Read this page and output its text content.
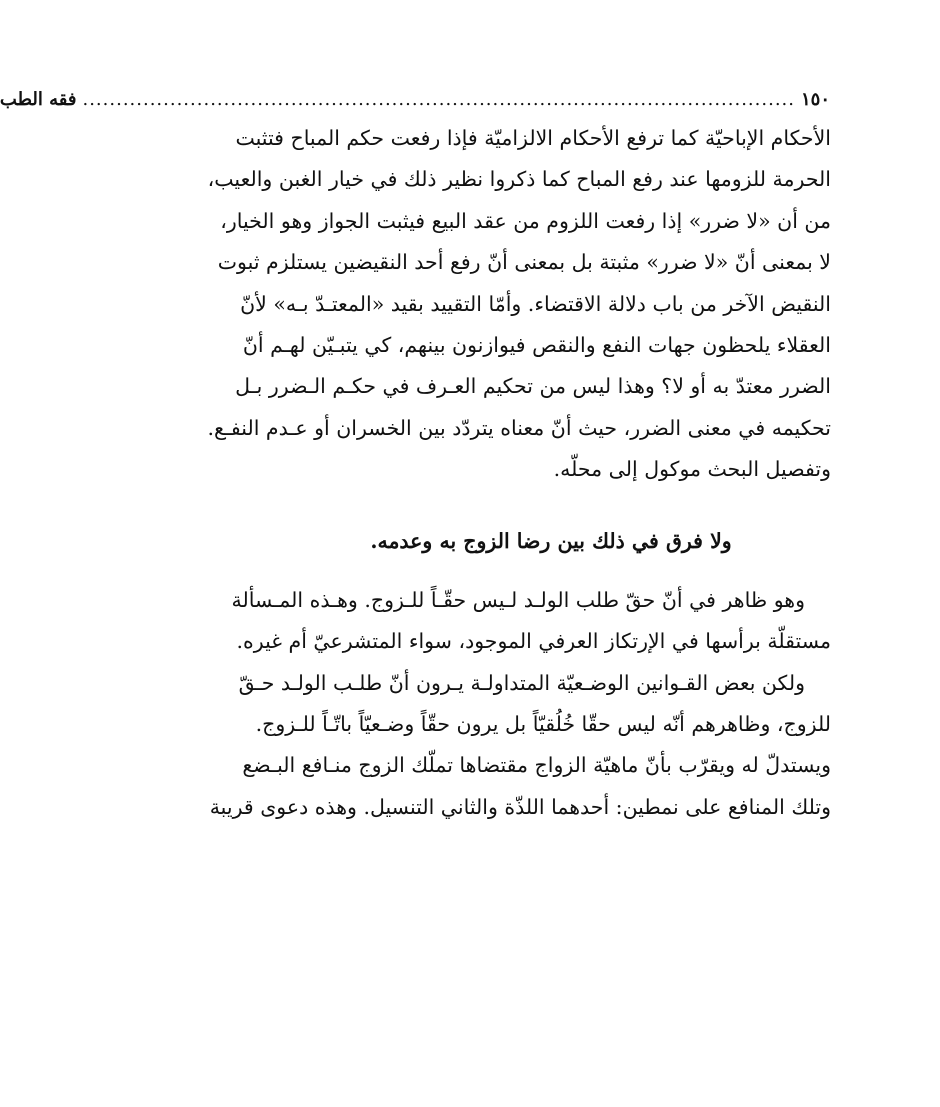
١٥٠
..........................................................................................................
فقه الطب
الأحكام الإباحيّة كما ترفع الأحكام الالزاميّة فإذا رفعت حكم المباح فتثبت
الحرمة للزومها عند رفع المباح كما ذكروا نظير ذلك في خيار الغبن والعيب،
من أن «لا ضرر» إذا رفعت اللزوم من عقد البيع فيثبت الجواز وهو الخيار،
لا بمعنى أنّ «لا ضرر» مثبتة بل بمعنى أنّ رفع أحد النقيضين يستلزم ثبوت
النقيض الآخر من باب دلالة الاقتضاء. وأمّا التقييد بقيد «المعتـدّ بـه» لأنّ
العقلاء يلحظون جهات النفع والنقص فيوازنون بينهم، كي يتبـيّن لهـم أنّ
الضرر معتدّ به أو لا؟ وهذا ليس من تحكيم العـرف في حكـم الـضرر بـل
تحكيمه في معنى الضرر، حيث أنّ معناه يتردّد بين الخسران أو عـدم النفـع.
وتفصيل البحث موكول إلى محلّه.
ولا فرق في ذلك بين رضا الزوج به وعدمه.
وهو ظاهر في أنّ حقّ طلب الولـد لـيس حقّـاً للـزوج. وهـذه المـسألة
مستقلّة برأسها في الإرتكاز العرفي الموجود، سواء المتشرعيّ أم غيره.
ولكن بعض القـوانين الوضـعيّة المتداولـة يـرون أنّ طلـب الولـد حـقّ
للزوج، وظاهرهم أنّه ليس حقّا خُلُقيّاً بل يرون حقّاً وضـعيّاً باتّـاً للـزوج.
ويستدلّ له ويقرّب بأنّ ماهيّة الزواج مقتضاها تملّك الزوج منـافع البـضع
وتلك المنافع على نمطين: أحدهما اللذّة والثاني التنسيل. وهذه دعوى قريبة
